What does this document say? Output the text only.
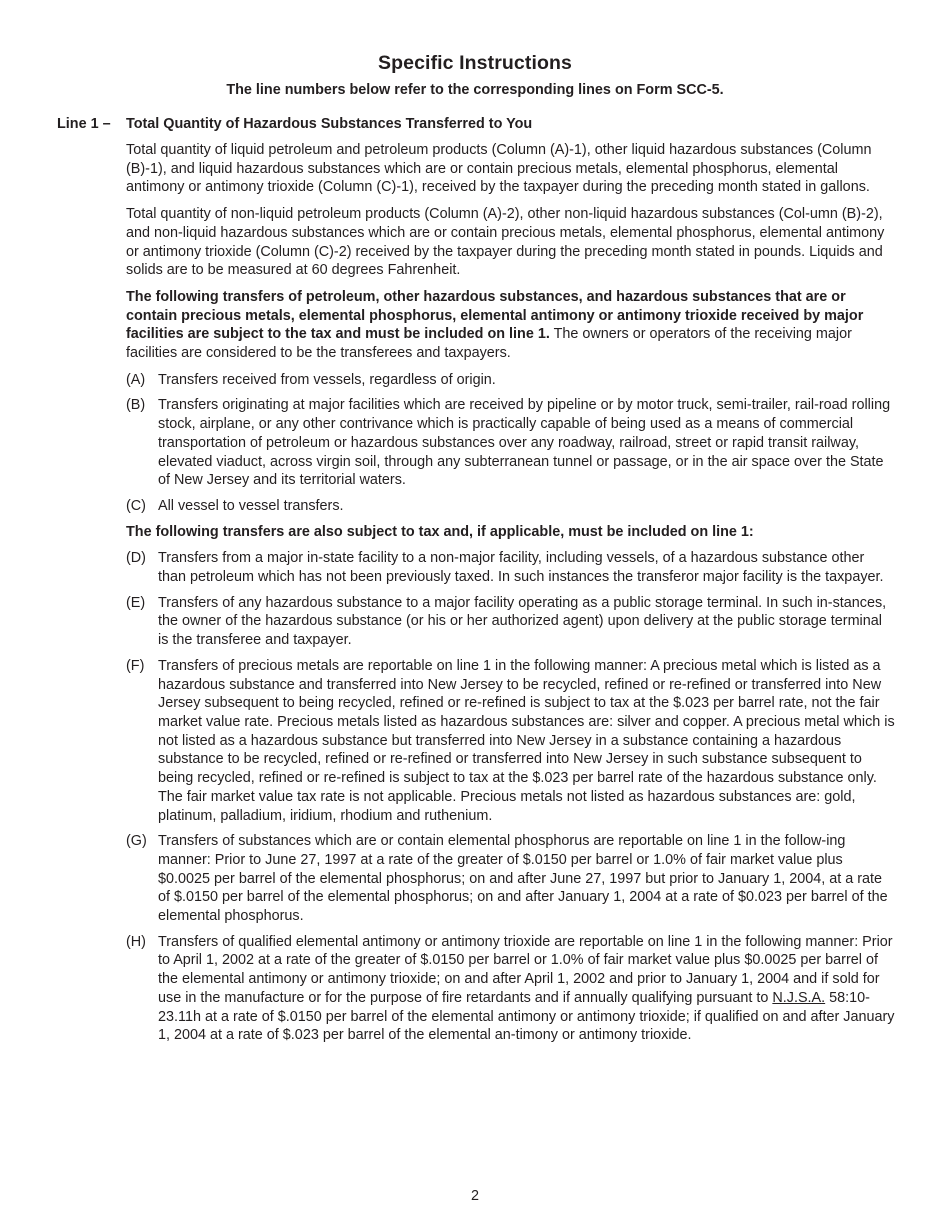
Specific Instructions
The line numbers below refer to the corresponding lines on Form SCC-5.
Line 1 – Total Quantity of Hazardous Substances Transferred to You

Total quantity of liquid petroleum and petroleum products (Column (A)-1), other liquid hazardous substances (Column (B)-1), and liquid hazardous substances which are or contain precious metals, elemental phosphorus, elemental antimony or antimony trioxide (Column (C)-1), received by the taxpayer during the preceding month stated in gallons.

Total quantity of non-liquid petroleum products (Column (A)-2), other non-liquid hazardous substances (Col-umn (B)-2), and non-liquid hazardous substances which are or contain precious metals, elemental phosphorus, elemental antimony or antimony trioxide (Column (C)-2) received by the taxpayer during the preceding month stated in pounds. Liquids and solids are to be measured at 60 degrees Fahrenheit.

The following transfers of petroleum, other hazardous substances, and hazardous substances that are or contain precious metals, elemental phosphorus, elemental antimony or antimony trioxide received by major facilities are subject to the tax and must be included on line 1. The owners or operators of the receiving major facilities are considered to be the transferees and taxpayers.

(A) Transfers received from vessels, regardless of origin.
(B) Transfers originating at major facilities which are received by pipeline or by motor truck, semi-trailer, rail-road rolling stock, airplane, or any other contrivance which is practically capable of being used as a means of commercial transportation of petroleum or hazardous substances over any roadway, railroad, street or rapid transit railway, elevated viaduct, across virgin soil, through any subterranean tunnel or passage, or in the air space over the State of New Jersey and its territorial waters.
(C) All vessel to vessel transfers.

The following transfers are also subject to tax and, if applicable, must be included on line 1:

(D) Transfers from a major in-state facility to a non-major facility, including vessels, of a hazardous substance other than petroleum which has not been previously taxed. In such instances the transferor major facility is the taxpayer.
(E) Transfers of any hazardous substance to a major facility operating as a public storage terminal. In such in-stances, the owner of the hazardous substance (or his or her authorized agent) upon delivery at the public storage terminal is the transferee and taxpayer.
(F) Transfers of precious metals are reportable on line 1 in the following manner: A precious metal which is listed as a hazardous substance and transferred into New Jersey to be recycled, refined or re-refined or transferred into New Jersey subsequent to being recycled, refined or re-refined is subject to tax at the $.023 per barrel rate, not the fair market value rate. Precious metals listed as hazardous substances are: silver and copper. A precious metal which is not listed as a hazardous substance but transferred into New Jersey in a substance containing a hazardous substance to be recycled, refined or re-refined or transferred into New Jersey in such substance subsequent to being recycled, refined or re-refined is subject to tax at the $.023 per barrel rate of the hazardous substance only. The fair market value tax rate is not applicable. Precious metals not listed as hazardous substances are: gold, platinum, palladium, iridium, rhodium and ruthenium.
(G) Transfers of substances which are or contain elemental phosphorus are reportable on line 1 in the follow-ing manner: Prior to June 27, 1997 at a rate of the greater of $.0150 per barrel or 1.0% of fair market value plus $0.0025 per barrel of the elemental phosphorus; on and after June 27, 1997 but prior to January 1, 2004, at a rate of $.0150 per barrel of the elemental phosphorus; on and after January 1, 2004 at a rate of $0.023 per barrel of the elemental phosphorus.
(H) Transfers of qualified elemental antimony or antimony trioxide are reportable on line 1 in the following manner: Prior to April 1, 2002 at a rate of the greater of $.0150 per barrel or 1.0% of fair market value plus $0.0025 per barrel of the elemental antimony or antimony trioxide; on and after April 1, 2002 and prior to January 1, 2004 and if sold for use in the manufacture or for the purpose of fire retardants and if annually qualifying pursuant to N.J.S.A. 58:10-23.11h at a rate of $.0150 per barrel of the elemental antimony or antimony trioxide; if qualified on and after January 1, 2004 at a rate of $.023 per barrel of the elemental an-timony or antimony trioxide.
2
